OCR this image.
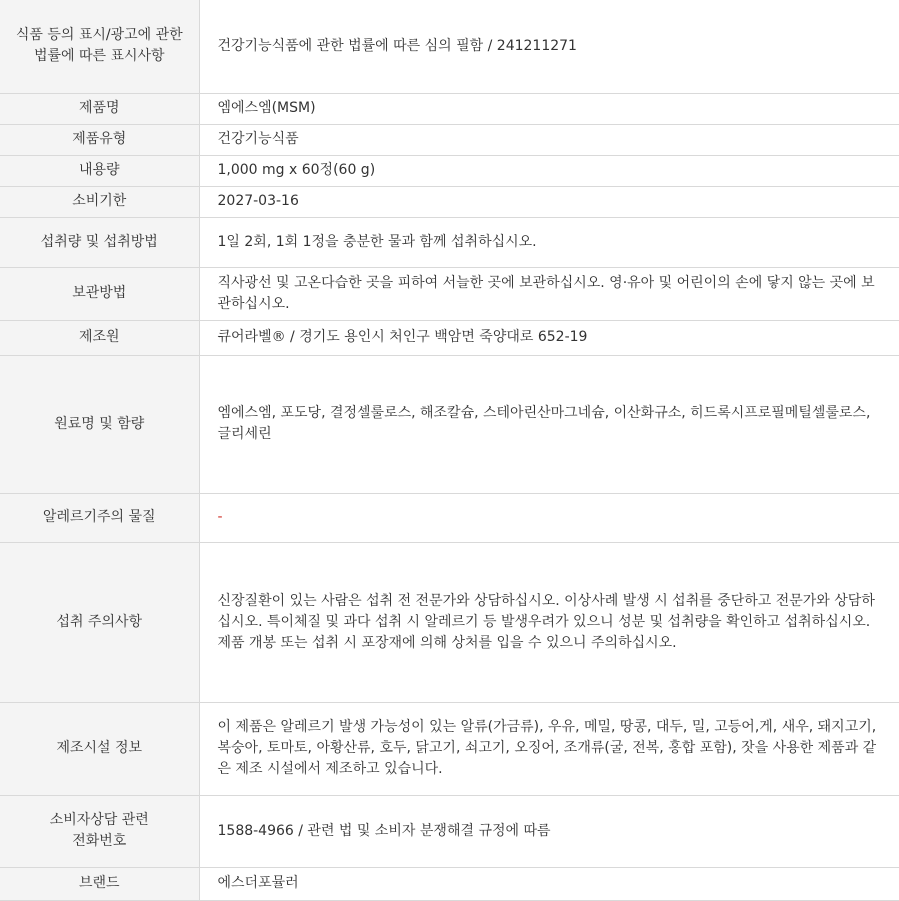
식품 등의 표시/광고에 관한
법률에 따른 표시사항	건강기능식품에 관한 법률에 따른 심의 필함 / 241211271
제품명	엠에스엠(MSM)
제품유형	건강기능식품
내용량	1,000 mg x 60정(60 g)
소비기한	2027-03-16
섭취량 및 섭취방법	1일 2회, 1회 1정을 충분한 물과 함께 섭취하십시오.
보관방법	직사광선 및 고온다습한 곳을 피하여 서늘한 곳에 보관하십시오. 영·유아 및 어린이의 손에 닿지 않는 곳에 보관하십시오.
제조원	큐어라벨® / 경기도 용인시 처인구 백암면 죽양대로 652-19
원료명 및 함량	엠에스엠, 포도당, 결정셀룰로스, 해조칼슘, 스테아린산마그네슘, 이산화규소, 히드록시프로필메틸셀룰로스, 글리세린
알레르기주의 물질	-
섭취 주의사항	신장질환이 있는 사람은 섭취 전 전문가와 상담하십시오. 이상사례 발생 시 섭취를 중단하고 전문가와 상담하십시오. 특이체질 및 과다 섭취 시 알레르기 등 발생우려가 있으니 성분 및 섭취량을 확인하고 섭취하십시오. 제품 개봉 또는 섭취 시 포장재에 의해 상처를 입을 수 있으니 주의하십시오.
제조시설 정보	이 제품은 알레르기 발생 가능성이 있는 알류(가금류), 우유, 메밀, 땅콩, 대두, 밀, 고등어,게, 새우, 돼지고기, 복숭아, 토마토, 아황산류, 호두, 닭고기, 쇠고기, 오징어, 조개류(굴, 전복, 홍합 포함), 잣을 사용한 제품과 같은 제조 시설에서 제조하고 있습니다.
소비자상담 관련
전화번호	1588-4966 / 관련 법 및 소비자 분쟁해결 규정에 따름
브랜드	에스더포뮬러
